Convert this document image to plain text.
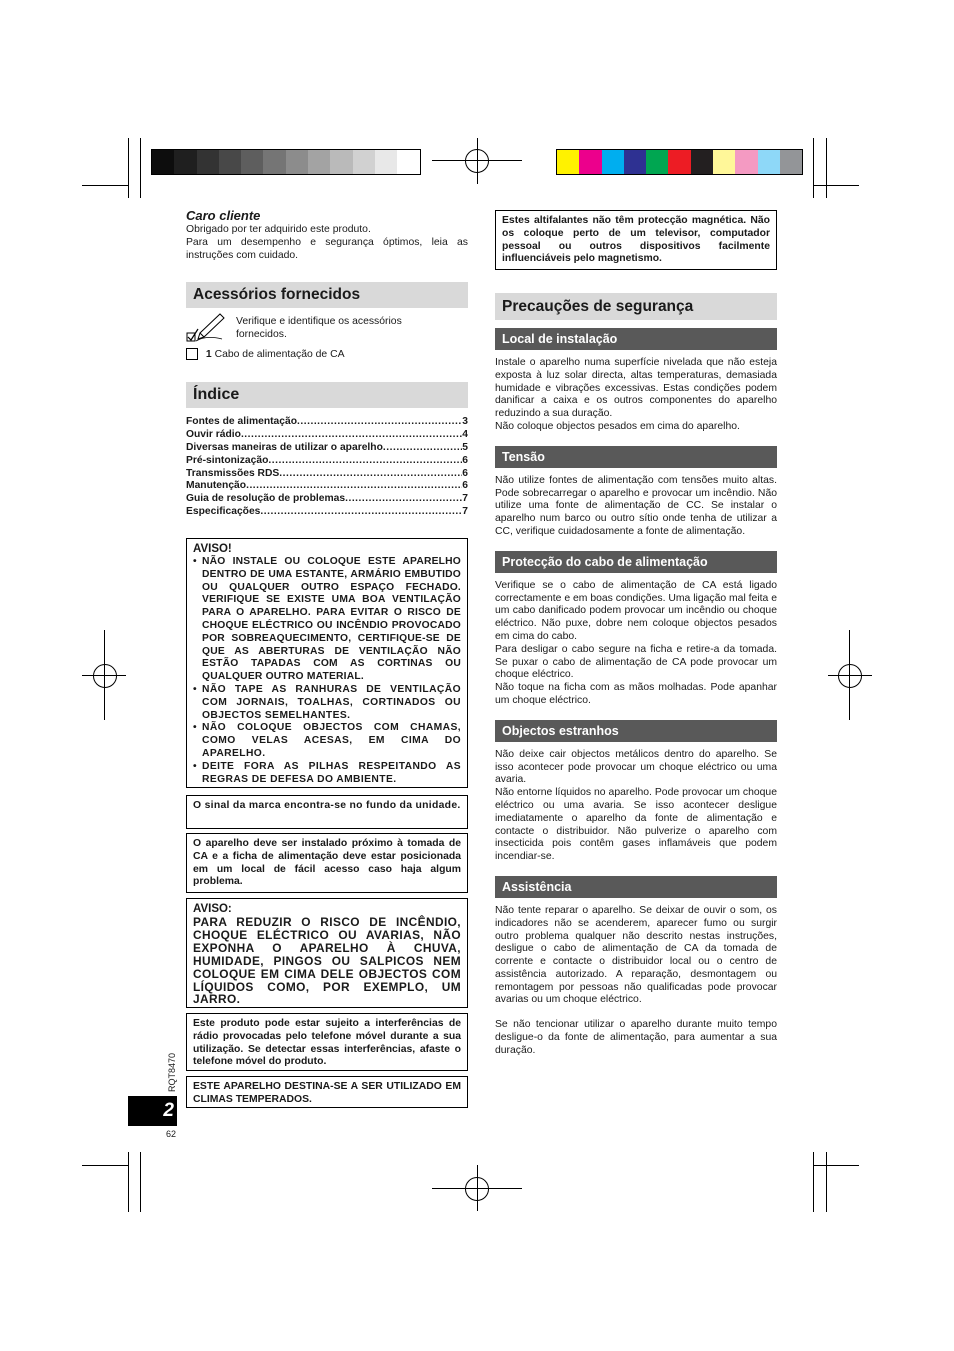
Caro cliente
Obrigado por ter adquirido este produto.
Para um desempenho e segurança óptimos, leia as instruções com cuidado.
Acessórios fornecidos
Verifique e identifique os acessórios fornecidos.
1 Cabo de alimentação de CA
Índice
Fontes de alimentação .....	3
Ouvir rádio .....	4
Diversas maneiras de utilizar o aparelho .....	5
Pré-sintonização .....	6
Transmissões RDS .....	6
Manutenção .....	6
Guia de resolução de problemas .....	7
Especificações .....	7
AVISO!
• NÃO INSTALE OU COLOQUE ESTE APARELHO DENTRO DE UMA ESTANTE, ARMÁRIO EMBUTIDO OU QUALQUER OUTRO ESPAÇO FECHADO. VERIFIQUE SE EXISTE UMA BOA VENTILAÇÃO PARA O APARELHO. PARA EVITAR O RISCO DE CHOQUE ELÉCTRICO OU INCÊNDIO PROVOCADO POR SOBREAQUECIMENTO, CERTIFIQUE-SE DE QUE AS ABERTURAS DE VENTILAÇÃO NÃO ESTÃO TAPADAS COM AS CORTINAS OU QUALQUER OUTRO MATERIAL.
• NÃO TAPE AS RANHURAS DE VENTILAÇÃO COM JORNAIS, TOALHAS, CORTINADOS OU OBJECTOS SEMELHANTES.
• NÃO COLOQUE OBJECTOS COM CHAMAS, COMO VELAS ACESAS, EM CIMA DO APARELHO.
• DEITE FORA AS PILHAS RESPEITANDO AS REGRAS DE DEFESA DO AMBIENTE.
O sinal da marca encontra-se no fundo da unidade.
O aparelho deve ser instalado próximo à tomada de CA e a ficha de alimentação deve estar posicionada em um local de fácil acesso caso haja algum problema.
AVISO:
PARA REDUZIR O RISCO DE INCÊNDIO, CHOQUE ELÉCTRICO OU AVARIAS, NÃO EXPONHA O APARELHO À CHUVA, HUMIDADE, PINGOS OU SALPICOS NEM COLOQUE EM CIMA DELE OBJECTOS COM LÍQUIDOS COMO, POR EXEMPLO, UM JARRO.
Este produto pode estar sujeito a interferências de rádio provocadas pelo telefone móvel durante a sua utilização. Se detectar essas interferências, afaste o telefone móvel do produto.
ESTE APARELHO DESTINA-SE A SER UTILIZADO EM CLIMAS TEMPERADOS.
RQT8470
2
62
Estes altifalantes não têm protecção magnética. Não os coloque perto de um televisor, computador pessoal ou outros dispositivos facilmente influenciáveis pelo magnetismo.
Precauções de segurança
Local de instalação

Instale o aparelho numa superfície nivelada que não esteja exposta à luz solar directa, altas temperaturas, demasiada humidade e vibrações excessivas. Estas condições podem danificar a caixa e os outros componentes do aparelho reduzindo a sua duração.

Não coloque objectos pesados em cima do aparelho.

Tensão

Não utilize fontes de alimentação com tensões muito altas. Pode sobrecarregar o aparelho e provocar um incêndio. Não utilize uma fonte de alimentação de CC. Se instalar o aparelho num barco ou outro sítio onde tenha de utilizar a CC, verifique cuidadosamente a fonte de alimentação.

Protecção do cabo de alimentação

Verifique se o cabo de alimentação de CA está ligado correctamente e em boas condições. Uma ligação mal feita e um cabo danificado podem provocar um incêndio ou choque eléctrico. Não puxe, dobre nem coloque objectos pesados em cima do cabo.

Para desligar o cabo segure na ficha e retire-a da tomada. Se puxar o cabo de alimentação de CA pode provocar um choque eléctrico.

Não toque na ficha com as mãos molhadas. Pode apanhar um choque eléctrico.

Objectos estranhos

Não deixe cair objectos metálicos dentro do aparelho. Se isso acontecer pode provocar um choque eléctrico ou uma avaria.

Não entorne líquidos no aparelho. Pode provocar um choque eléctrico ou uma avaria. Se isso acontecer desligue imediatamente o aparelho da fonte de alimentação e contacte o distribuidor. Não pulverize o aparelho com insecticida pois contêm gases inflamáveis que podem incendiar-se.

Assistência

Não tente reparar o aparelho. Se deixar de ouvir o som, os indicadores não se acenderem, aparecer fumo ou surgir outro problema qualquer não descrito nestas instruções, desligue o cabo de alimentação de CA da tomada de corrente e contacte o distribuidor local ou o centro de assistência autorizado. A reparação, desmontagem ou remontagem por pessoas não qualificadas pode provocar avarias ou um choque eléctrico.

Se não tencionar utilizar o aparelho durante muito tempo desligue-o da fonte de alimentação, para aumentar a sua duração.
